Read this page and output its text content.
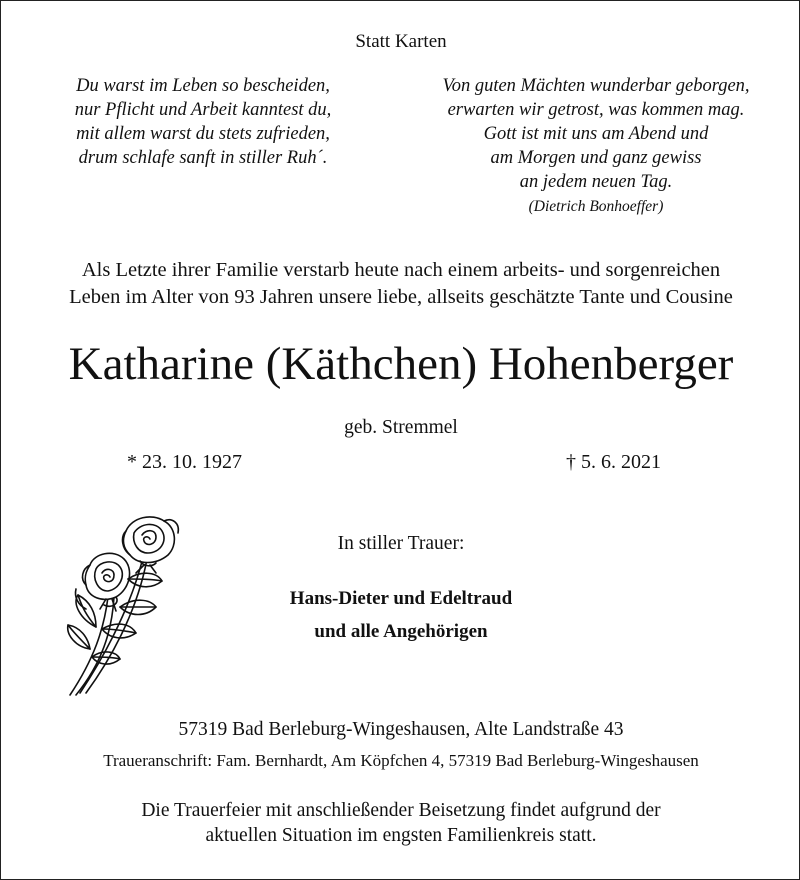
Statt Karten
Du warst im Leben so bescheiden,
nur Pflicht und Arbeit kanntest du,
mit allem warst du stets zufrieden,
drum schlafe sanft in stiller Ruh´.
Von guten Mächten wunderbar geborgen,
erwarten wir getrost, was kommen mag.
Gott ist mit uns am Abend und
am Morgen und ganz gewiss
an jedem neuen Tag.
(Dietrich Bonhoeffer)
Als Letzte ihrer Familie verstarb heute nach einem arbeits- und sorgenreichen
Leben im Alter von 93 Jahren unsere liebe, allseits geschätzte Tante und Cousine
Katharine (Käthchen) Hohenberger
geb. Stremmel
* 23. 10. 1927	† 5. 6. 2021
In stiller Trauer:
Hans-Dieter und Edeltraud
und alle Angehörigen
57319 Bad Berleburg-Wingeshausen, Alte Landstraße 43
Traueranschrift: Fam. Bernhardt, Am Köpfchen 4, 57319 Bad Berleburg-Wingeshausen
Die Trauerfeier mit anschließender Beisetzung findet aufgrund der
aktuellen Situation im engsten Familienkreis statt.
